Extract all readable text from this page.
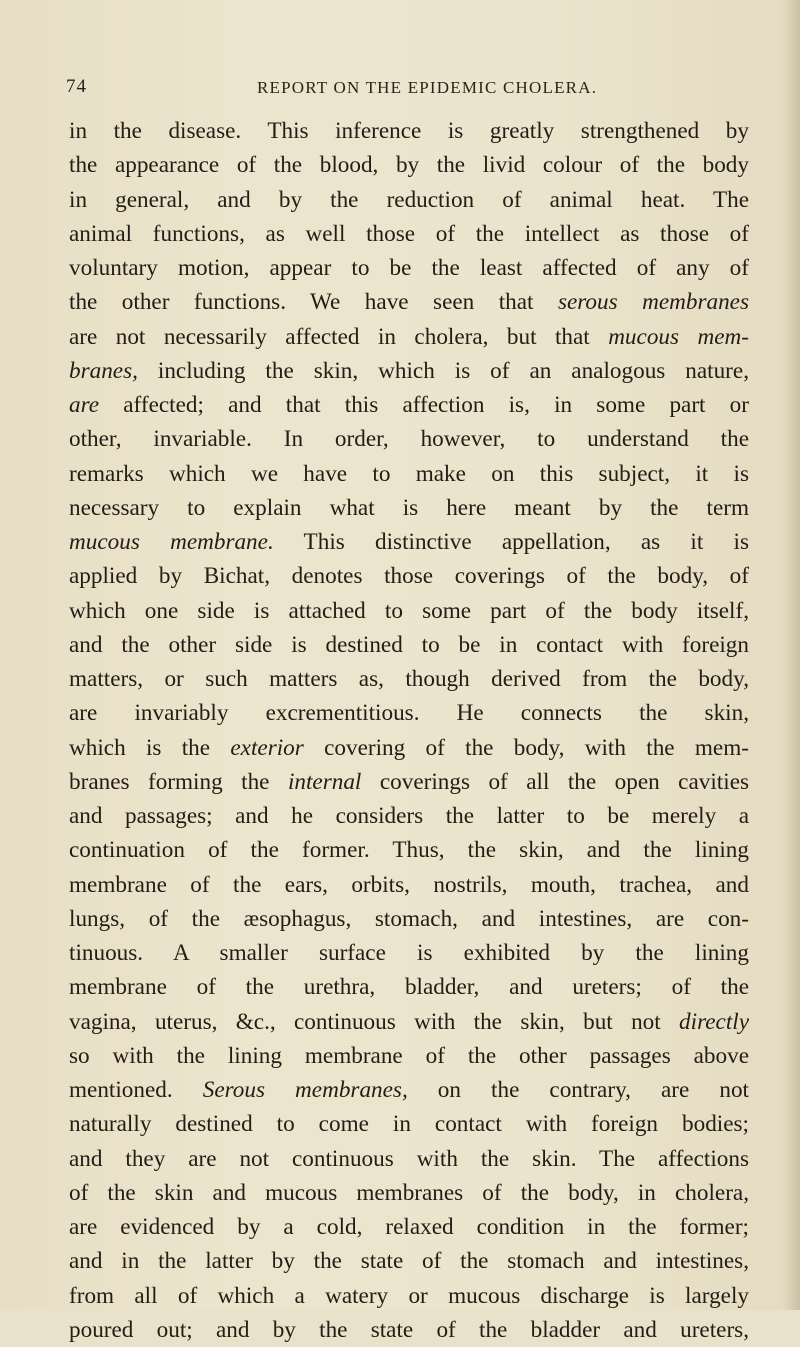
74	REPORT ON THE EPIDEMIC CHOLERA.
in the disease. This inference is greatly strengthened by
the appearance of the blood, by the livid colour of the body
in general, and by the reduction of animal heat. The
animal functions, as well those of the intellect as those of
voluntary motion, appear to be the least affected of any of
the other functions. We have seen that serous membranes
are not necessarily affected in cholera, but that mucous mem-
branes, including the skin, which is of an analogous nature,
are affected; and that this affection is, in some part or
other, invariable. In order, however, to understand the
remarks which we have to make on this subject, it is
necessary to explain what is here meant by the term
mucous membrane. This distinctive appellation, as it is
applied by Bichat, denotes those coverings of the body, of
which one side is attached to some part of the body itself,
and the other side is destined to be in contact with foreign
matters, or such matters as, though derived from the body,
are invariably excrementitious. He connects the skin,
which is the exterior covering of the body, with the mem-
branes forming the internal coverings of all the open cavities
and passages; and he considers the latter to be merely a
continuation of the former. Thus, the skin, and the lining
membrane of the ears, orbits, nostrils, mouth, trachea, and
lungs, of the æsophagus, stomach, and intestines, are con-
tinuous. A smaller surface is exhibited by the lining
membrane of the urethra, bladder, and ureters; of the
vagina, uterus, &c., continuous with the skin, but not directly
so with the lining membrane of the other passages above
mentioned. Serous membranes, on the contrary, are not
naturally destined to come in contact with foreign bodies;
and they are not continuous with the skin. The affections
of the skin and mucous membranes of the body, in cholera,
are evidenced by a cold, relaxed condition in the former;
and in the latter by the state of the stomach and intestines,
from all of which a watery or mucous discharge is largely
poured out; and by the state of the bladder and ureters,
